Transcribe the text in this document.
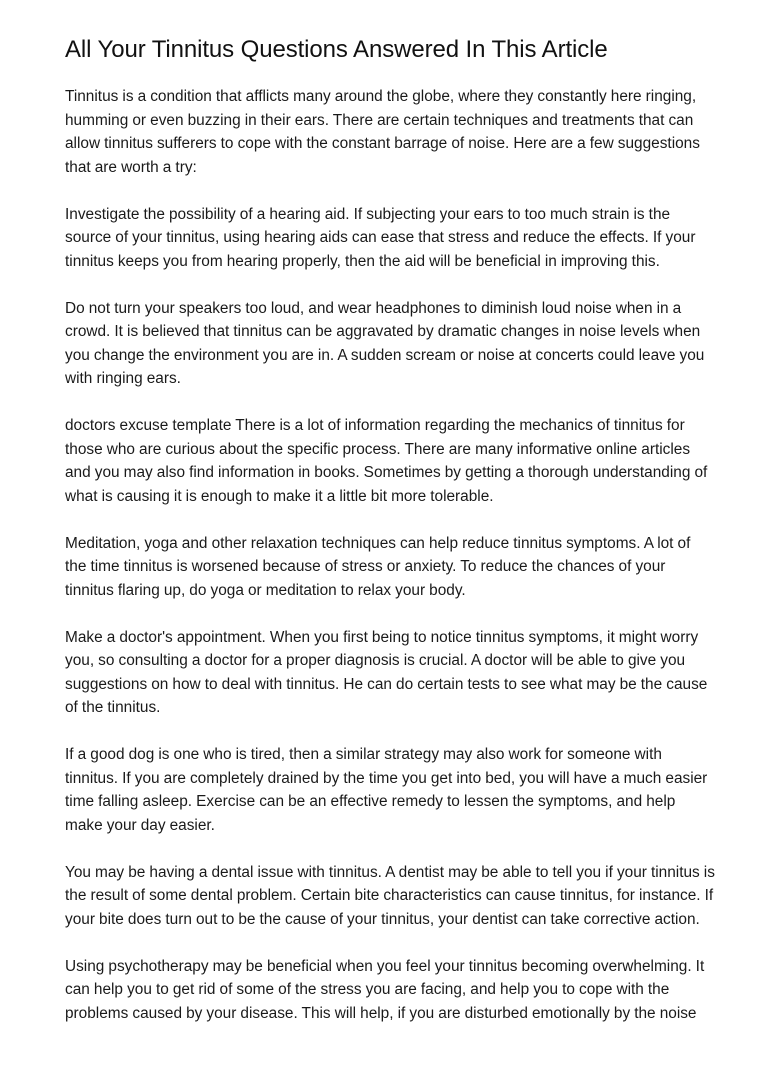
All Your Tinnitus Questions Answered In This Article

Tinnitus is a condition that afflicts many around the globe, where they constantly here ringing, humming or even buzzing in their ears. There are certain techniques and treatments that can allow tinnitus sufferers to cope with the constant barrage of noise. Here are a few suggestions that are worth a try:

Investigate the possibility of a hearing aid. If subjecting your ears to too much strain is the source of your tinnitus, using hearing aids can ease that stress and reduce the effects. If your tinnitus keeps you from hearing properly, then the aid will be beneficial in improving this.

Do not turn your speakers too loud, and wear headphones to diminish loud noise when in a crowd. It is believed that tinnitus can be aggravated by dramatic changes in noise levels when you change the environment you are in. A sudden scream or noise at concerts could leave you with ringing ears.

doctors excuse template There is a lot of information regarding the mechanics of tinnitus for those who are curious about the specific process. There are many informative online articles and you may also find information in books. Sometimes by getting a thorough understanding of what is causing it is enough to make it a little bit more tolerable.

Meditation, yoga and other relaxation techniques can help reduce tinnitus symptoms. A lot of the time tinnitus is worsened because of stress or anxiety. To reduce the chances of your tinnitus flaring up, do yoga or meditation to relax your body.

Make a doctor's appointment. When you first being to notice tinnitus symptoms, it might worry you, so consulting a doctor for a proper diagnosis is crucial. A doctor will be able to give you suggestions on how to deal with tinnitus. He can do certain tests to see what may be the cause of the tinnitus.

If a good dog is one who is tired, then a similar strategy may also work for someone with tinnitus. If you are completely drained by the time you get into bed, you will have a much easier time falling asleep. Exercise can be an effective remedy to lessen the symptoms, and help make your day easier.

You may be having a dental issue with tinnitus. A dentist may be able to tell you if your tinnitus is the result of some dental problem. Certain bite characteristics can cause tinnitus, for instance. If your bite does turn out to be the cause of your tinnitus, your dentist can take corrective action.

Using psychotherapy may be beneficial when you feel your tinnitus becoming overwhelming. It can help you to get rid of some of the stress you are facing, and help you to cope with the problems caused by your disease. This will help, if you are disturbed emotionally by the noise
